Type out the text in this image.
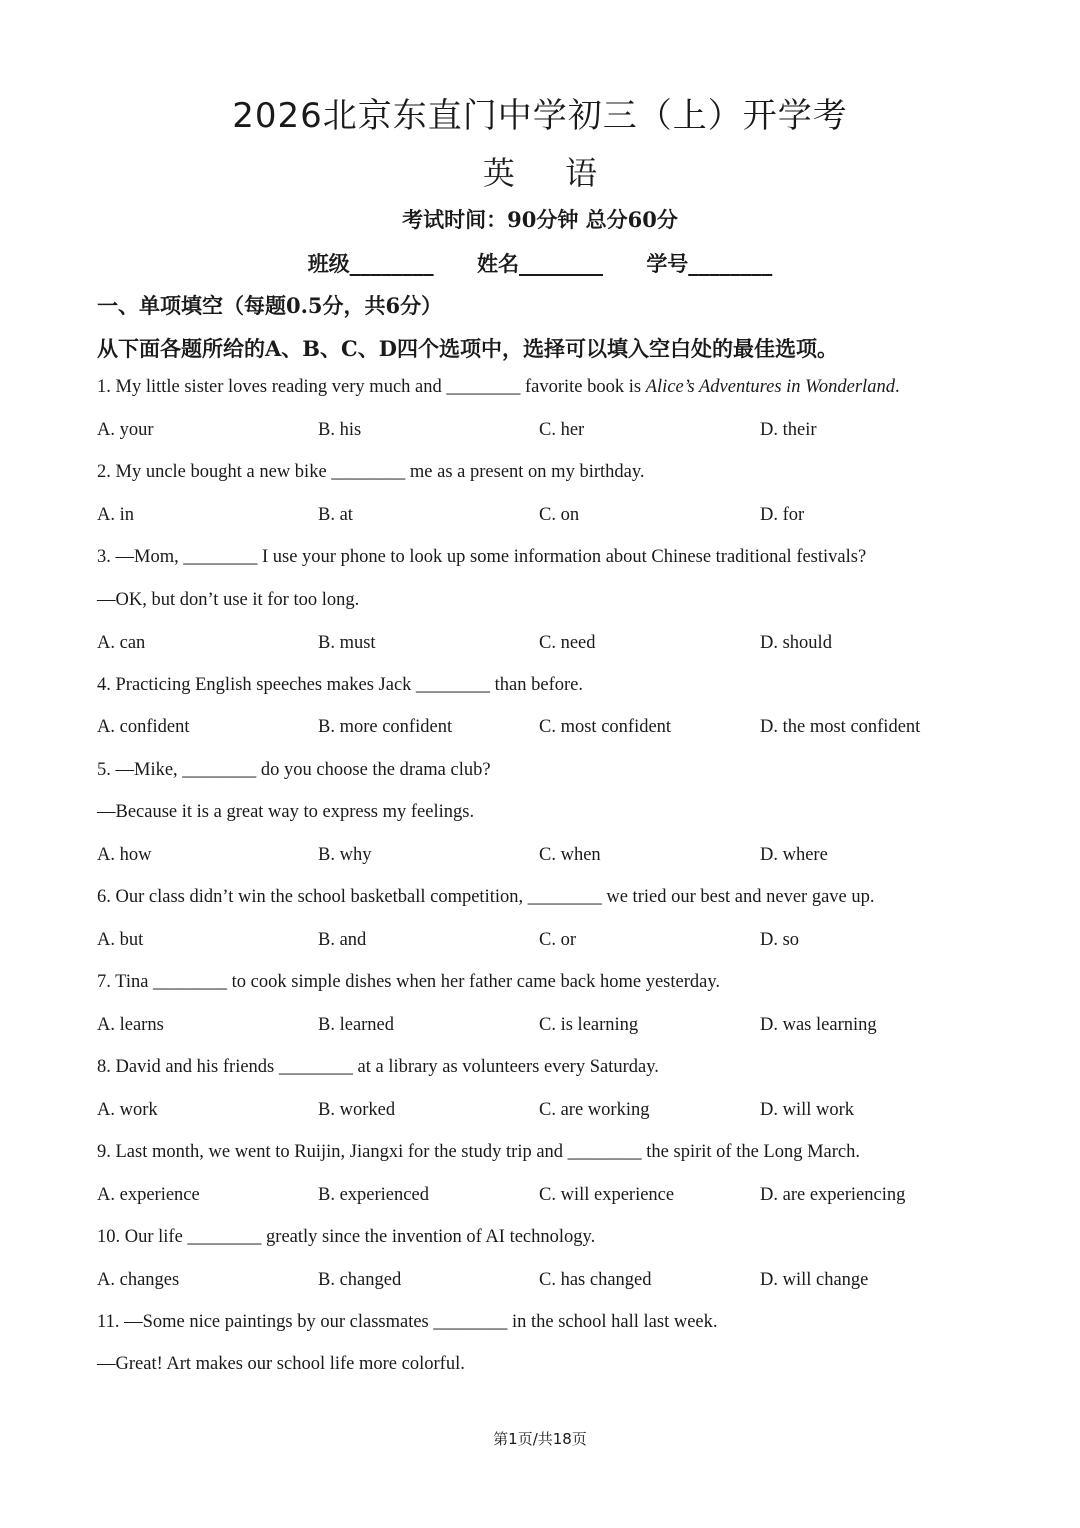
2026北京东直门中学初三（上）开学考
英 语
考试时间：90分钟 总分60分
班级________ 姓名________ 学号________
一、单项填空（每题0.5分，共6分）
从下面各题所给的A、B、C、D四个选项中，选择可以填入空白处的最佳选项。
1. My little sister loves reading very much and ________ favorite book is Alice’s Adventures in Wonderland.
A. your	B. his	C. her	D. their
2. My uncle bought a new bike ________ me as a present on my birthday.
A. in	B. at	C. on	D. for
3. —Mom, ________ I use your phone to look up some information about Chinese traditional festivals?
—OK, but don’t use it for too long.
A. can	B. must	C. need	D. should
4. Practicing English speeches makes Jack ________ than before.
A. confident	B. more confident	C. most confident	D. the most confident
5. —Mike, ________ do you choose the drama club?
—Because it is a great way to express my feelings.
A. how	B. why	C. when	D. where
6. Our class didn’t win the school basketball competition, ________ we tried our best and never gave up.
A. but	B. and	C. or	D. so
7. Tina ________ to cook simple dishes when her father came back home yesterday.
A. learns	B. learned	C. is learning	D. was learning
8. David and his friends ________ at a library as volunteers every Saturday.
A. work	B. worked	C. are working	D. will work
9. Last month, we went to Ruijin, Jiangxi for the study trip and ________ the spirit of the Long March.
A. experience	B. experienced	C. will experience	D. are experiencing
10. Our life ________ greatly since the invention of AI technology.
A. changes	B. changed	C. has changed	D. will change
11. —Some nice paintings by our classmates ________ in the school hall last week.
—Great! Art makes our school life more colorful.
第1页/共18页
